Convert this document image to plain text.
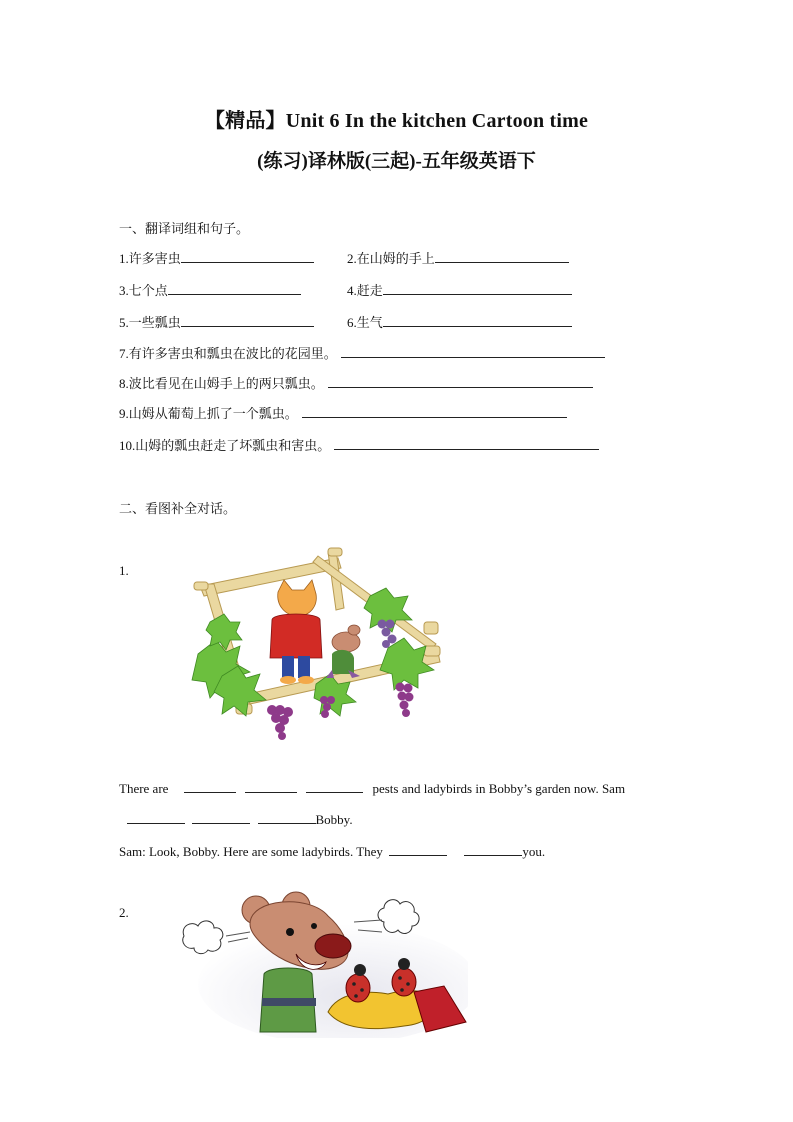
【精品】Unit 6 In the kitchen Cartoon time
(练习)译林版(三起)-五年级英语下
一、翻译词组和句子。
1.许多害虫	2.在山姆的手上
3.七个点	4.赶走
5.一些瓢虫	6.生气
7.有许多害虫和瓢虫在波比的花园里。
8.波比看见在山姆手上的两只瓢虫。
9.山姆从葡萄上抓了一个瓢虫。
10.山姆的瓢虫赶走了坏瓢虫和害虫。
二、看图补全对话。
1.
There are	pests and ladybirds in Bobby’s garden now. Sam
Bobby.
Sam: Look, Bobby. Here are some ladybirds. They	you.
2.
